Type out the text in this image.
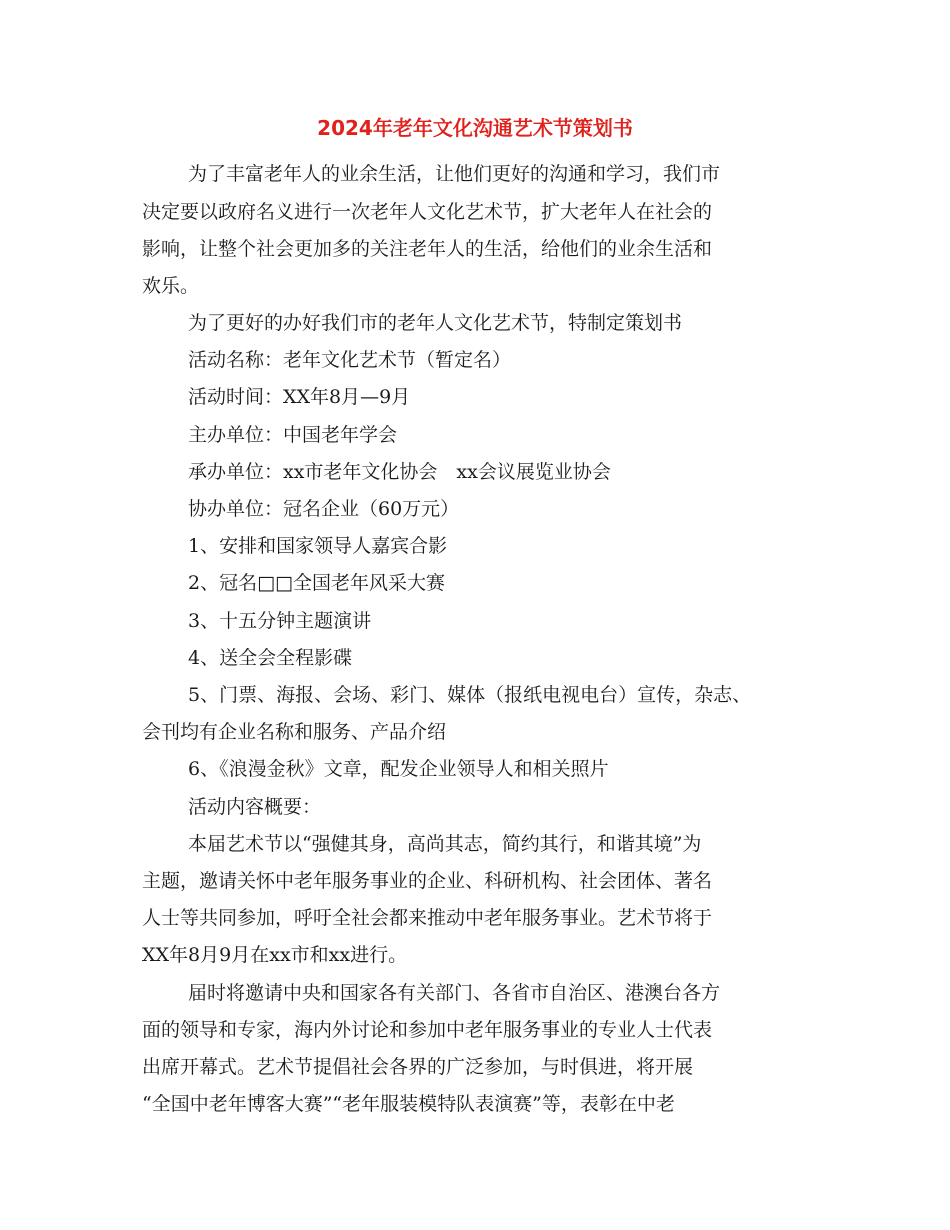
2024年老年文化沟通艺术节策划书
为了丰富老年人的业余生活，让他们更好的沟通和学习，我们市
决定要以政府名义进行一次老年人文化艺术节，扩大老年人在社会的
影响，让整个社会更加多的关注老年人的生活，给他们的业余生活和
欢乐。
为了更好的办好我们市的老年人文化艺术节，特制定策划书
活动名称：老年文化艺术节（暂定名）
活动时间：XX年8月—9月
主办单位：中国老年学会
承办单位：xx市老年文化协会　xx会议展览业协会
协办单位：冠名企业（60万元）
1、安排和国家领导人嘉宾合影
2、冠名□□全国老年风采大赛
3、十五分钟主题演讲
4、送全会全程影碟
5、门票、海报、会场、彩门、媒体（报纸电视电台）宣传，杂志、
会刊均有企业名称和服务、产品介绍
6、《浪漫金秋》文章，配发企业领导人和相关照片
活动内容概要：
本届艺术节以“强健其身，高尚其志，简约其行，和谐其境”为
主题，邀请关怀中老年服务事业的企业、科研机构、社会团体、著名
人士等共同参加，呼吁全社会都来推动中老年服务事业。艺术节将于
XX年8月9月在xx市和xx进行。
届时将邀请中央和国家各有关部门、各省市自治区、港澳台各方
面的领导和专家，海内外讨论和参加中老年服务事业的专业人士代表
出席开幕式。艺术节提倡社会各界的广泛参加，与时俱进，将开展
“全国中老年博客大赛”“老年服装模特队表演赛”等，表彰在中老
